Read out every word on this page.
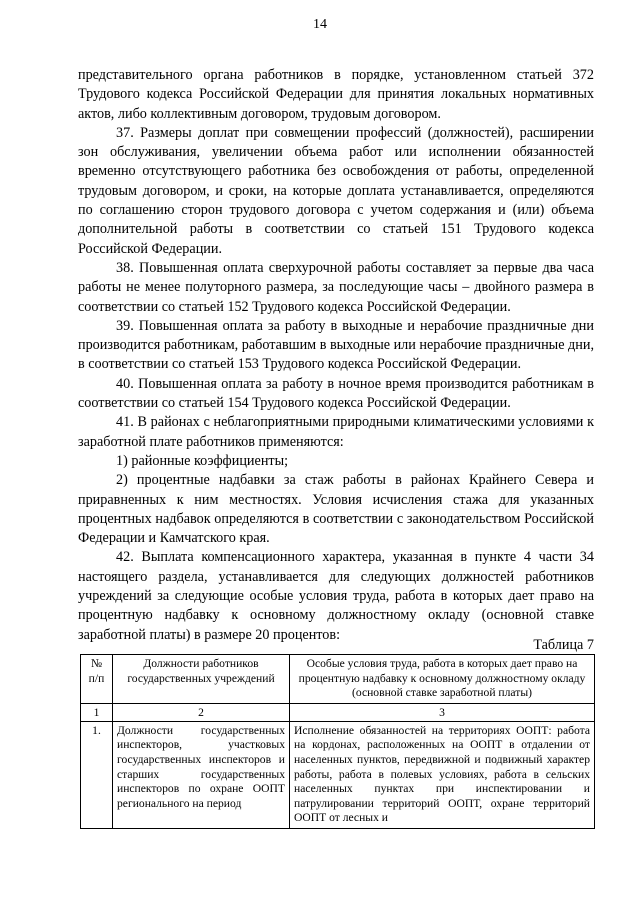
14

представительного органа работников в порядке, установленном статьей 372 Трудового кодекса Российской Федерации для принятия локальных нормативных актов, либо коллективным договором, трудовым договором.

37. Размеры доплат при совмещении профессий (должностей), расширении зон обслуживания, увеличении объема работ или исполнении обязанностей временно отсутствующего работника без освобождения от работы, определенной трудовым договором, и сроки, на которые доплата устанавливается, определяются по соглашению сторон трудового договора с учетом содержания и (или) объема дополнительной работы в соответствии со статьей 151 Трудового кодекса Российской Федерации.

38. Повышенная оплата сверхурочной работы составляет за первые два часа работы не менее полуторного размера, за последующие часы – двойного размера в соответствии со статьей 152 Трудового кодекса Российской Федерации.

39. Повышенная оплата за работу в выходные и нерабочие праздничные дни производится работникам, работавшим в выходные или нерабочие праздничные дни, в соответствии со статьей 153 Трудового кодекса Российской Федерации.

40. Повышенная оплата за работу в ночное время производится работникам в соответствии со статьей 154 Трудового кодекса Российской Федерации.

41. В районах с неблагоприятными природными климатическими условиями к заработной плате работников применяются:

1) районные коэффициенты;

2) процентные надбавки за стаж работы в районах Крайнего Севера и приравненных к ним местностях. Условия исчисления стажа для указанных процентных надбавок определяются в соответствии с законодательством Российской Федерации и Камчатского края.

42. Выплата компенсационного характера, указанная в пункте 4 части 34 настоящего раздела, устанавливается для следующих должностей работников учреждений за следующие особые условия труда, работа в которых дает право на процентную надбавку к основному должностному окладу (основной ставке заработной платы) в размере 20 процентов:

Таблица 7
№ п/п	Должности работников государственных учреждений	Особые условия труда, работа в которых дает право на процентную надбавку к основному должностному окладу (основной ставке заработной платы)
1	2	3
1.	Должности государственных инспекторов, участковых государственных инспекторов и старших государственных инспекторов по охране ООПТ регионального на период	Исполнение обязанностей на территориях ООПТ: работа на кордонах, расположенных на ООПТ в отдалении от населенных пунктов, передвижной и подвижный характер работы, работа в полевых условиях, работа в сельских населенных пунктах при инспектировании и патрулировании территорий ООПТ, охране территорий ООПТ от лесных и
